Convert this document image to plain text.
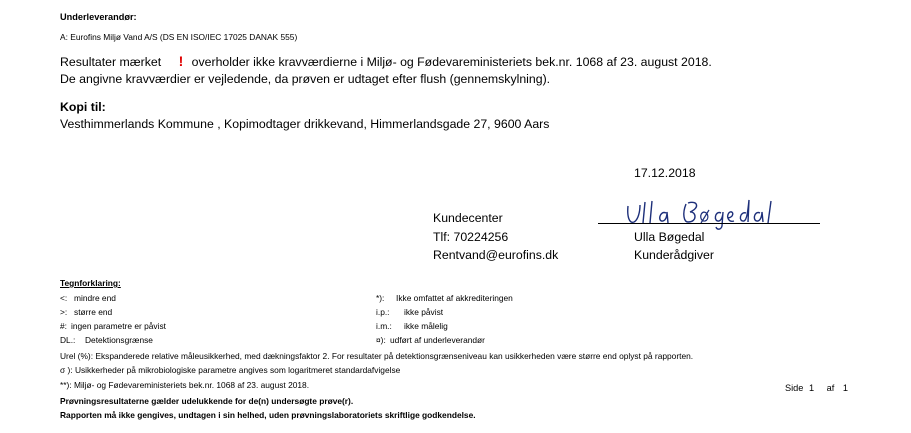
Underleverandør:
A: Eurofins Miljø Vand A/S (DS EN ISO/IEC 17025 DANAK 555)
Resultater mærket ! overholder ikke kravværdierne i Miljø- og Fødevareministeriets bek.nr. 1068 af 23. august 2018.
De angivne kravværdier er vejledende, da prøven er udtaget efter flush (gennemskylning).
Kopi til:
Vesthimmerlands Kommune , Kopimodtager drikkevand, Himmerlandsgade 27, 9600 Aars
17.12.2018
Kundecenter
Tlf: 70224256
Rentvand@eurofins.dk
Ulla Bøgedal
Kunderådgiver
Tegnforklaring:
<: mindre end
>: større end
#: ingen parametre er påvist
DL.: Detektionsgrænse
*): Ikke omfattet af akkrediteringen
i.p.: ikke påvist
i.m.: ikke målelig
¤): udført af underleverandør
Urel (%): Ekspanderede relative måleusikkerhed, med dækningsfaktor 2. For resultater på detektionsgrænseniveau kan usikkerheden være større end oplyst på rapporten.
σ ): Usikkerheder på mikrobiologiske parametre angives som logaritmeret standardafvigelse
**): Miljø- og Fødevareministeriets bek.nr. 1068 af 23. august 2018.	Side 1 af 1
Prøvningsresultaterne gælder udelukkende for de(n) undersøgte prøve(r).
Rapporten må ikke gengives, undtagen i sin helhed, uden prøvningslaboratoriets skriftlige godkendelse.
